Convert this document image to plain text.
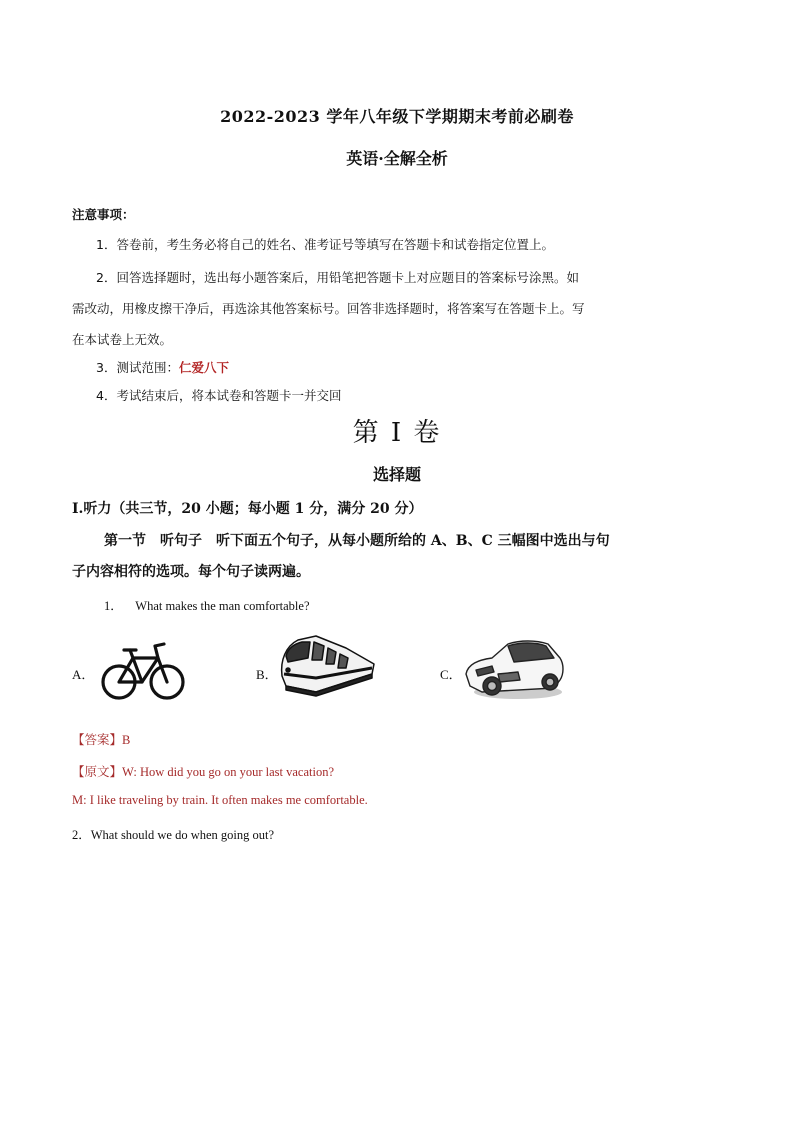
2022-2023 学年八年级下学期期末考前必刷卷
英语·全解全析
注意事项：
1．答卷前，考生务必将自己的姓名、准考证号等填写在答题卡和试卷指定位置上。
2．回答选择题时，选出每小题答案后，用铅笔把答题卡上对应题目的答案标号涂黑。如
需改动，用橡皮擦干净后，再选涂其他答案标号。回答非选择题时，将答案写在答题卡上。写
在本试卷上无效。
3．测试范围：仁爱八下
4．考试结束后，将本试卷和答题卡一并交回
第 I 卷
选择题
Ⅰ.听力（共三节，20 小题；每小题 1 分，满分 20 分）
第一节　听句子　听下面五个句子，从每小题所给的 A、B、C 三幅图中选出与句
子内容相符的选项。每个句子读两遍。
1． What makes the man comfortable?
A．	B．	C．
【答案】B
【原文】W: How did you go on your last vacation?
M: I like traveling by train. It often makes me comfortable.
2．What should we do when going out?
